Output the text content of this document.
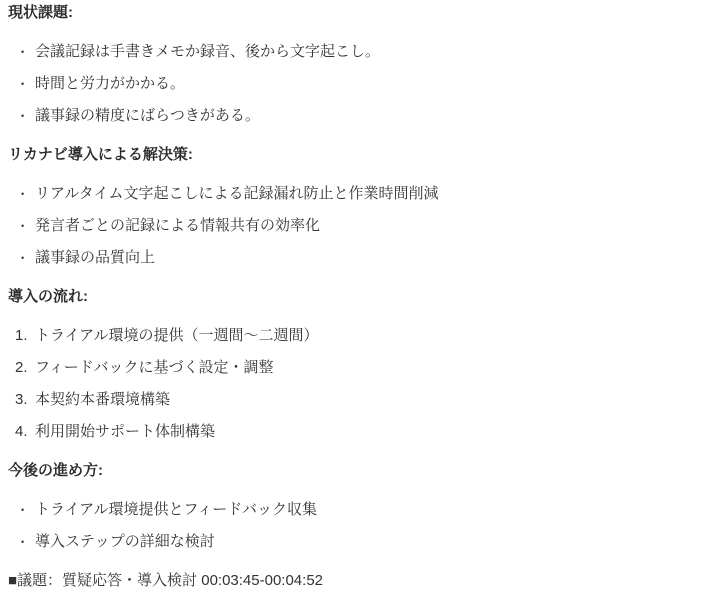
現状課題:

• 会議記録は手書きメモか録音、後から文字起こし。
• 時間と労力がかかる。
• 議事録の精度にばらつきがある。

リカナビ導入による解決策:

• リアルタイム文字起こしによる記録漏れ防止と作業時間削減
• 発言者ごとの記録による情報共有の効率化
• 議事録の品質向上

導入の流れ:

1. トライアル環境の提供（一週間〜二週間）
2. フィードバックに基づく設定・調整
3. 本契約本番環境構築
4. 利用開始サポート体制構築

今後の進め方:

• トライアル環境提供とフィードバック収集
• 導入ステップの詳細な検討

■議題：質疑応答・導入検討 00:03:45-00:04:52
